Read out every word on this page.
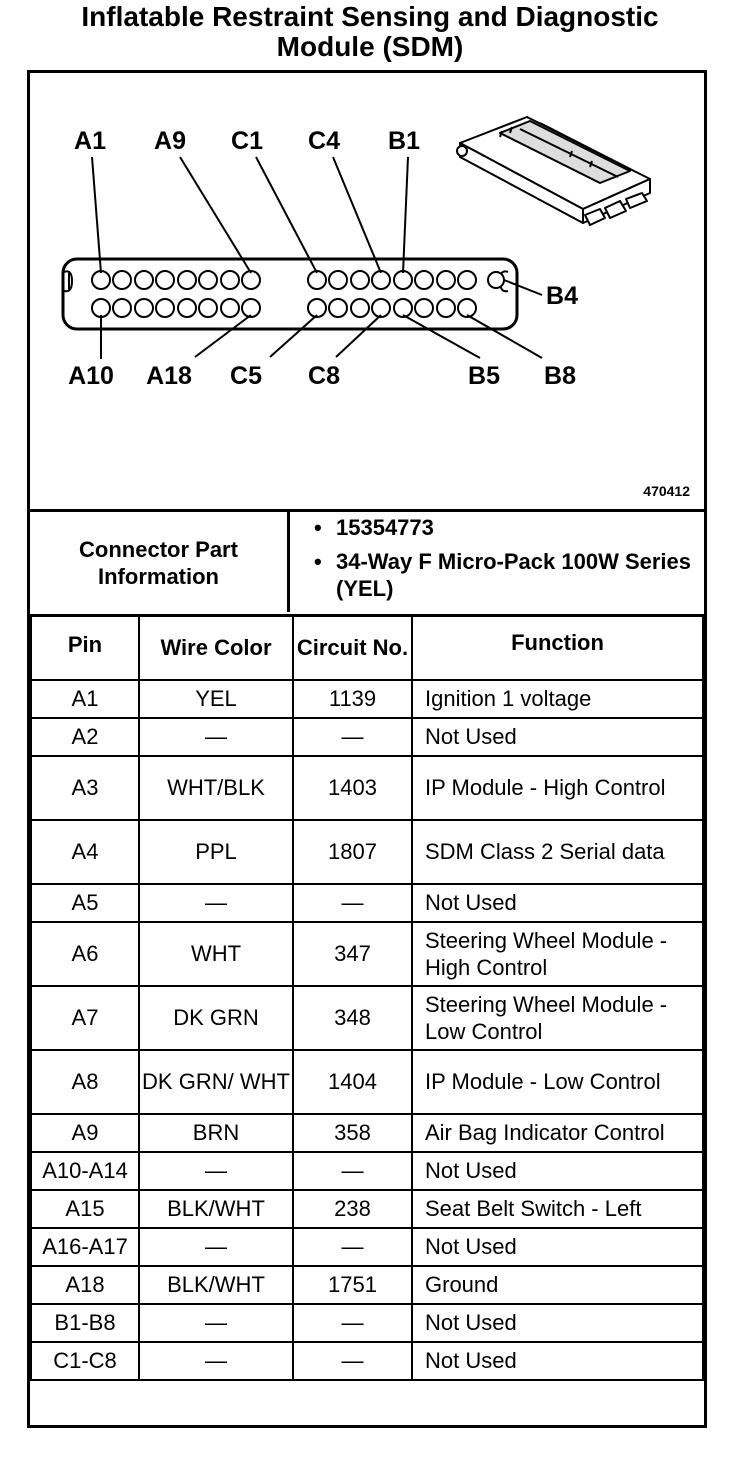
Inflatable Restraint Sensing and Diagnostic
Module (SDM)
A1 A9 C1 C4 B1
B4
A10 A18 C5 C8	B5 B8
470412
Connector Part Information
• 15354773
• 34-Way F Micro-Pack 100W Series (YEL)
Pin	Wire Color	Circuit No.	Function
A1	YEL	1139	Ignition 1 voltage
A2	—	—	Not Used
A3	WHT/BLK	1403	IP Module - High Control
A4	PPL	1807	SDM Class 2 Serial data
A5	—	—	Not Used
A6	WHT	347	Steering Wheel Module - High Control
A7	DK GRN	348	Steering Wheel Module - Low Control
A8	DK GRN/ WHT	1404	IP Module - Low Control
A9	BRN	358	Air Bag Indicator Control
A10-A14	—	—	Not Used
A15	BLK/WHT	238	Seat Belt Switch - Left
A16-A17	—	—	Not Used
A18	BLK/WHT	1751	Ground
B1-B8	—	—	Not Used
C1-C8	—	—	Not Used
